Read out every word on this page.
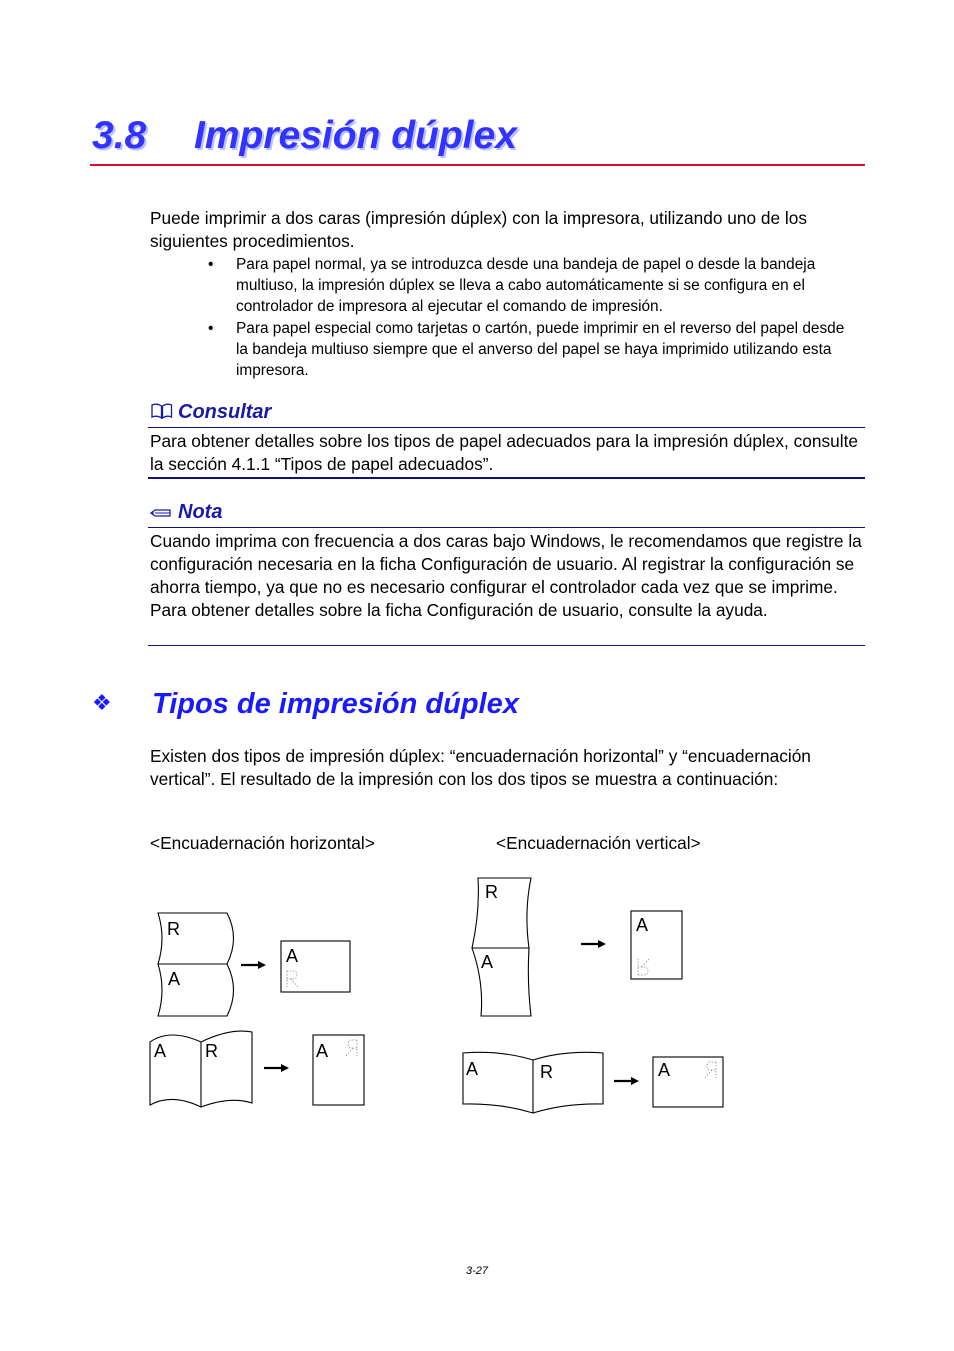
3.8 Impresión dúplex
Puede imprimir a dos caras (impresión dúplex) con la impresora, utilizando uno de los siguientes procedimientos.
• Para papel normal, ya se introduzca desde una bandeja de papel o desde la bandeja multiuso, la impresión dúplex se lleva a cabo automáticamente si se configura en el controlador de impresora al ejecutar el comando de impresión.
• Para papel especial como tarjetas o cartón, puede imprimir en el reverso del papel desde la bandeja multiuso siempre que el anverso del papel se haya imprimido utilizando esta impresora.
Consultar
Para obtener detalles sobre los tipos de papel adecuados para la impresión dúplex, consulte la sección 4.1.1 “Tipos de papel adecuados”.
Nota
Cuando imprima con frecuencia a dos caras bajo Windows, le recomendamos que registre la configuración necesaria en la ficha Configuración de usuario. Al registrar la configuración se ahorra tiempo, ya que no es necesario configurar el controlador cada vez que se imprime. Para obtener detalles sobre la ficha Configuración de usuario, consulte la ayuda.
❖ Tipos de impresión dúplex
Existen dos tipos de impresión dúplex: “encuadernación horizontal” y “encuadernación vertical”. El resultado de la impresión con los dos tipos se muestra a continuación:
<Encuadernación horizontal>	<Encuadernación vertical>
R
A
A
A R	A
R
A
A
A	R	A
3-27
